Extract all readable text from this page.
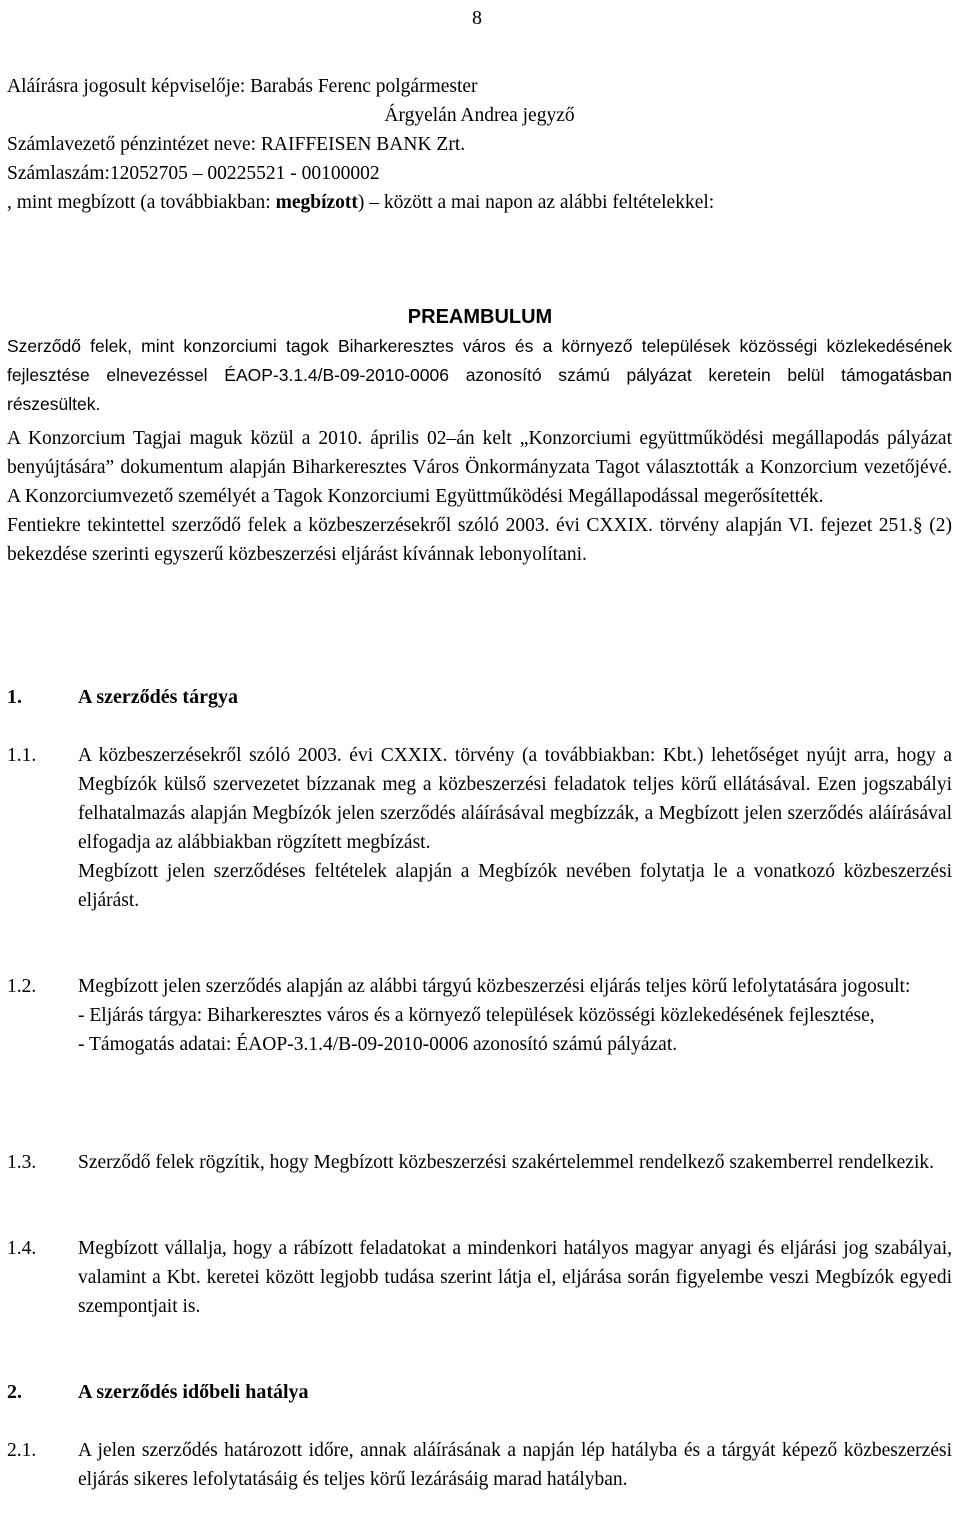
8

Aláírásra jogosult képviselője: Barabás Ferenc polgármester

Árgyelán Andrea jegyző

Számlavezető pénzintézet neve: RAIFFEISEN BANK Zrt.

Számlaszám:12052705 – 00225521 - 00100002

, mint megbízott (a továbbiakban: megbízott) – között a mai napon az alábbi feltételekkel:

PREAMBULUM

Szerződő felek, mint konzorciumi tagok Biharkeresztes város és a környező települések közösségi közlekedésének fejlesztése elnevezéssel ÉAOP-3.1.4/B-09-2010-0006 azonosító számú pályázat keretein belül támogatásban részesültek.

A Konzorcium Tagjai maguk közül a 2010. április 02–án kelt „Konzorciumi együttműködési megállapodás pályázat benyújtására” dokumentum alapján Biharkeresztes Város Önkormányzata Tagot választották a Konzorcium vezetőjévé. A Konzorciumvezető személyét a Tagok Konzorciumi Együttműködési Megállapodással megerősítették.

Fentiekre tekintettel szerződő felek a közbeszerzésekről szóló 2003. évi CXXIX. törvény alapján VI. fejezet 251.§ (2) bekezdése szerinti egyszerű közbeszerzési eljárást kívánnak lebonyolítani.

1.	A szerződés tárgya
1.1. A közbeszerzésekről szóló 2003. évi CXXIX. törvény (a továbbiakban: Kbt.) lehetőséget nyújt arra, hogy a Megbízók külső szervezetet bízzanak meg a közbeszerzési feladatok teljes körű ellátásával. Ezen jogszabályi felhatalmazás alapján Megbízók jelen szerződés aláírásával megbízzák, a Megbízott jelen szerződés aláírásával elfogadja az alábbiakban rögzített megbízást.

Megbízott jelen szerződéses feltételek alapján a Megbízók nevében folytatja le a vonatkozó közbeszerzési eljárást.

1.2. Megbízott jelen szerződés alapján az alábbi tárgyú közbeszerzési eljárás teljes körű lefolytatására jogosult:

- Eljárás tárgya: Biharkeresztes város és a környező települések közösségi közlekedésének fejlesztése,

- Támogatás adatai: ÉAOP-3.1.4/B-09-2010-0006 azonosító számú pályázat.

1.3. Szerződő felek rögzítik, hogy Megbízott közbeszerzési szakértelemmel rendelkező szakemberrel rendelkezik.

1.4. Megbízott vállalja, hogy a rábízott feladatokat a mindenkori hatályos magyar anyagi és eljárási jog szabályai, valamint a Kbt. keretei között legjobb tudása szerint látja el, eljárása során figyelembe veszi Megbízók egyedi szempontjait is.

2.	A szerződés időbeli hatálya
2.1. A jelen szerződés határozott időre, annak aláírásának a napján lép hatályba és a tárgyát képező közbeszerzési eljárás sikeres lefolytatásáig és teljes körű lezárásáig marad hatályban.
